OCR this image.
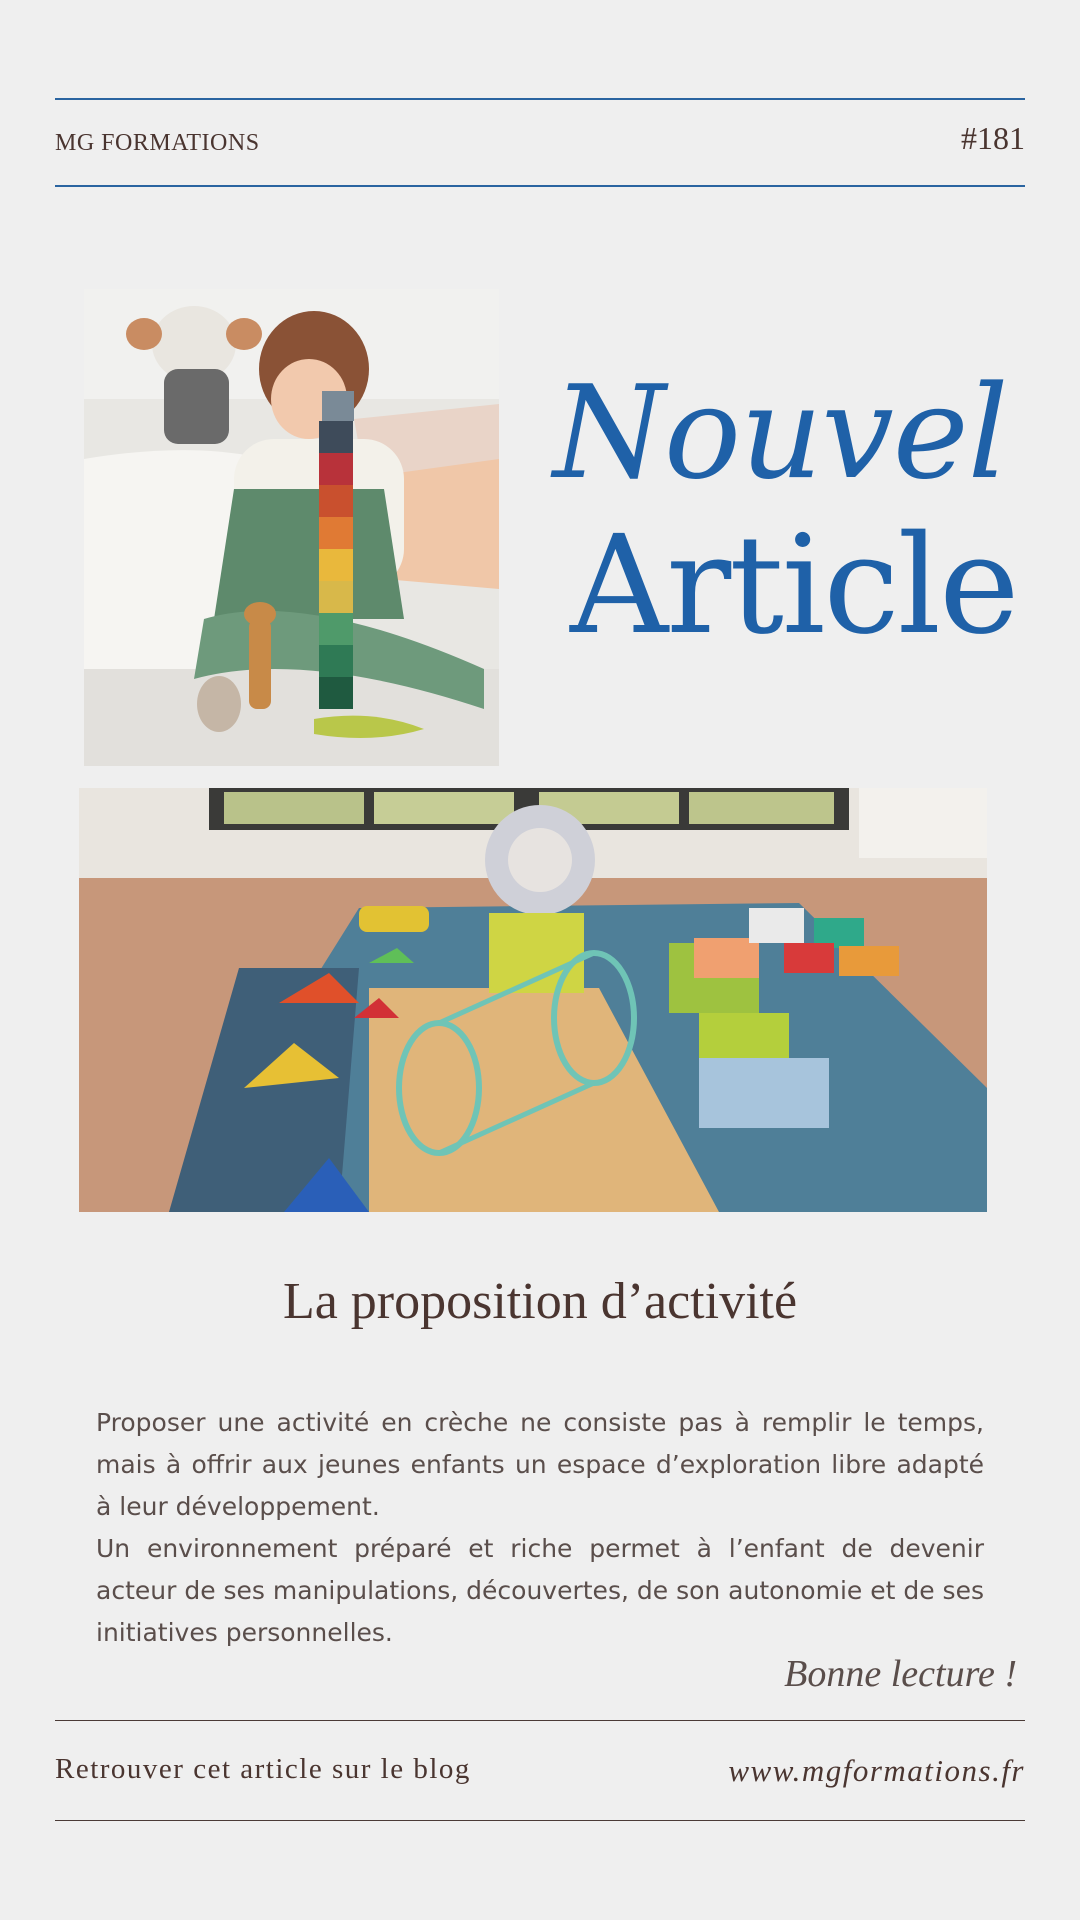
MG FORMATIONS	#181
Nouvel
Article
La proposition d’activité

Proposer une activité en crèche ne consiste pas à remplir le temps, mais à offrir aux jeunes enfants un espace d’exploration libre adapté à leur développement.

Un environnement préparé et riche permet à l’enfant de devenir acteur de ses manipulations, découvertes, de son autonomie et de ses initiatives personnelles.

Bonne lecture !
Retrouver cet article sur le blog	www.mgformations.fr
